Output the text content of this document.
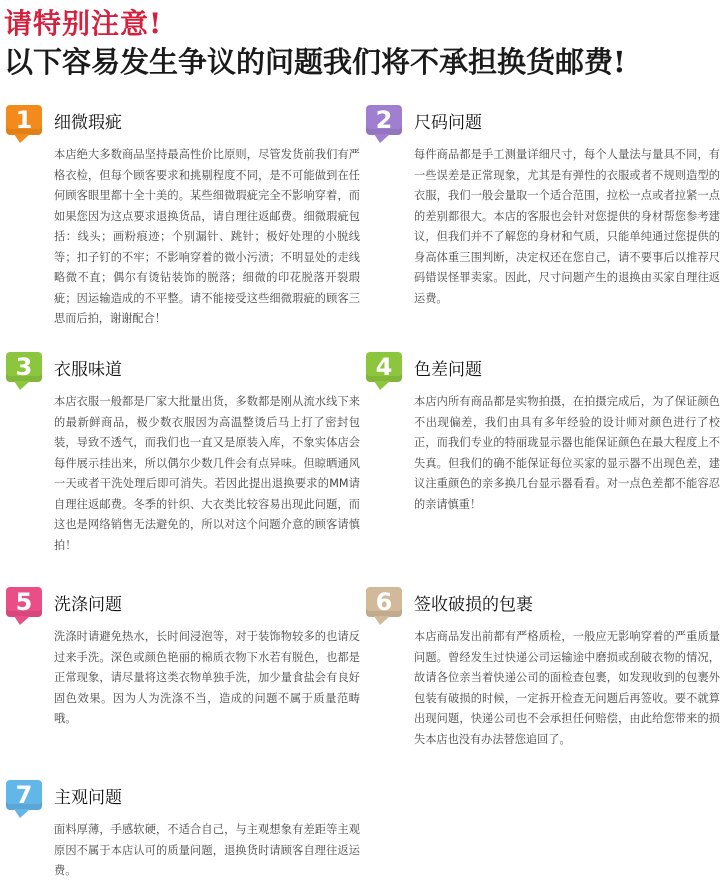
请特别注意!
以下容易发生争议的问题我们将不承担换货邮费!
1	细微瑕疵
本店绝大多数商品坚持最高性价比原则，尽管发货前我们有严格衣检，但每个顾客要求和挑剔程度不同，是不可能做到在任何顾客眼里都十全十美的。某些细微瑕疵完全不影响穿着，而如果您因为这点要求退换货品，请自理往返邮费。细微瑕疵包括：线头；画粉痕迹；个别漏针、跳针；极好处理的小脱线等；扣子钉的不牢；不影响穿着的微小污渍；不明显处的走线略微不直；偶尔有烫钻装饰的脱落；细微的印花脱落开裂瑕疵；因运输造成的不平整。请不能接受这些细微瑕疵的顾客三思而后拍，谢谢配合！
2	尺码问题
每件商品都是手工测量详细尺寸，每个人量法与量具不同，有一些误差是正常现象，尤其是有弹性的衣服或者不规则造型的衣服，我们一般会量取一个适合范围，拉松一点或者拉紧一点的差别都很大。本店的客服也会针对您提供的身材帮您参考建议，但我们并不了解您的身材和气质，只能单纯通过您提供的身高体重三围判断，决定权还在您自己，请不要事后以推荐尺码错误怪罪卖家。因此，尺寸问题产生的退换由买家自理往返运费。
3	衣服味道
本店衣服一般都是厂家大批量出货，多数都是刚从流水线下来的最新鲜商品，极少数衣服因为高温整烫后马上打了密封包装，导致不透气，而我们也一直又是原装入库，不象实体店会每件展示挂出来，所以偶尔少数几件会有点异味。但晾晒通风一天或者干洗处理后即可消失。若因此提出退换要求的MM请自理往返邮费。冬季的针织、大衣类比较容易出现此问题，而这也是网络销售无法避免的，所以对这个问题介意的顾客请慎拍！
4	色差问题
本店内所有商品都是实物拍摄，在拍摄完成后，为了保证颜色不出现偏差，我们由具有多年经验的设计师对颜色进行了校正，而我们专业的特丽珑显示器也能保证颜色在最大程度上不失真。但我们的确不能保证每位买家的显示器不出现色差，建议注重颜色的亲多换几台显示器看看。对一点色差都不能容忍的亲请慎重！
5	洗涤问题
洗涤时请避免热水，长时间浸泡等，对于装饰物较多的也请反过来手洗。深色或颜色艳丽的棉质衣物下水若有脱色，也都是正常现象，请尽量将这类衣物单独手洗，加少量食盐会有良好固色效果。因为人为洗涤不当，造成的问题不属于质量范畴哦。
6	签收破损的包裹
本店商品发出前都有严格质检，一般应无影响穿着的严重质量问题。曾经发生过快递公司运输途中磨损或刮破衣物的情况，故请各位亲当着快递公司的面检查包裹，如发现收到的包裹外包装有破损的时候，一定拆开检查无问题后再签收。要不就算出现问题，快递公司也不会承担任何赔偿，由此给您带来的损失本店也没有办法替您追回了。
7	主观问题
面料厚薄，手感软硬，不适合自己，与主观想象有差距等主观原因不属于本店认可的质量问题，退换货时请顾客自理往返运费。
